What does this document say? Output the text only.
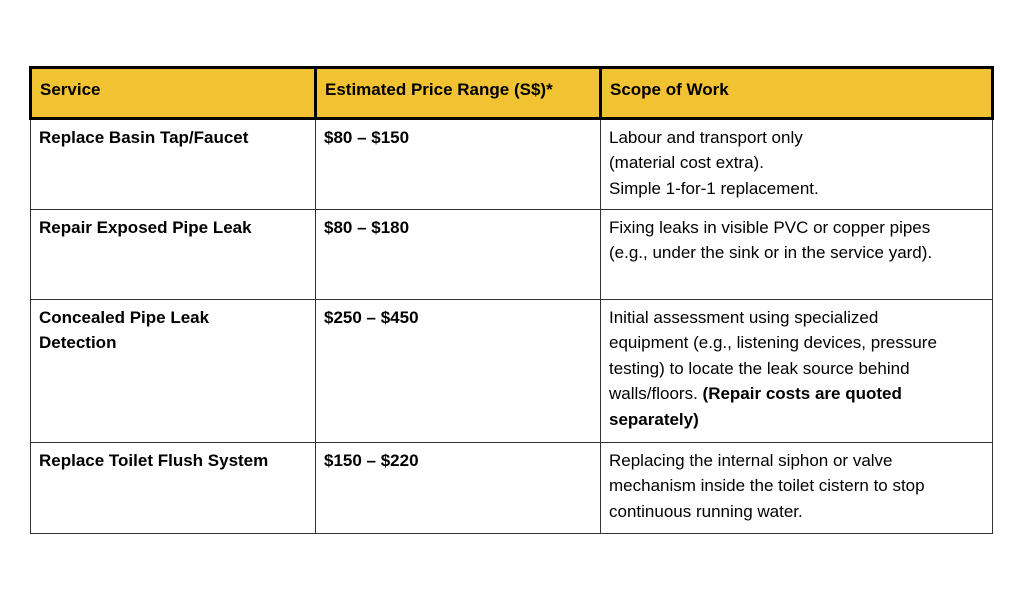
Service	Estimated Price Range (S$)*	Scope of Work
Replace Basin Tap/Faucet	$80 – $150	Labour and transport only
(material cost extra).
Simple 1-for-1 replacement.

Repair Exposed Pipe Leak	$80 – $180	Fixing leaks in visible PVC or copper pipes
(e.g., under the sink or in the service yard).

Concealed Pipe Leak
Detection	$250 – $450	Initial assessment using specialized
equipment (e.g., listening devices, pressure
testing) to locate the leak source behind
walls/floors. (Repair costs are quoted
separately)

Replace Toilet Flush System	$150 – $220	Replacing the internal siphon or valve
mechanism inside the toilet cistern to stop
continuous running water.
